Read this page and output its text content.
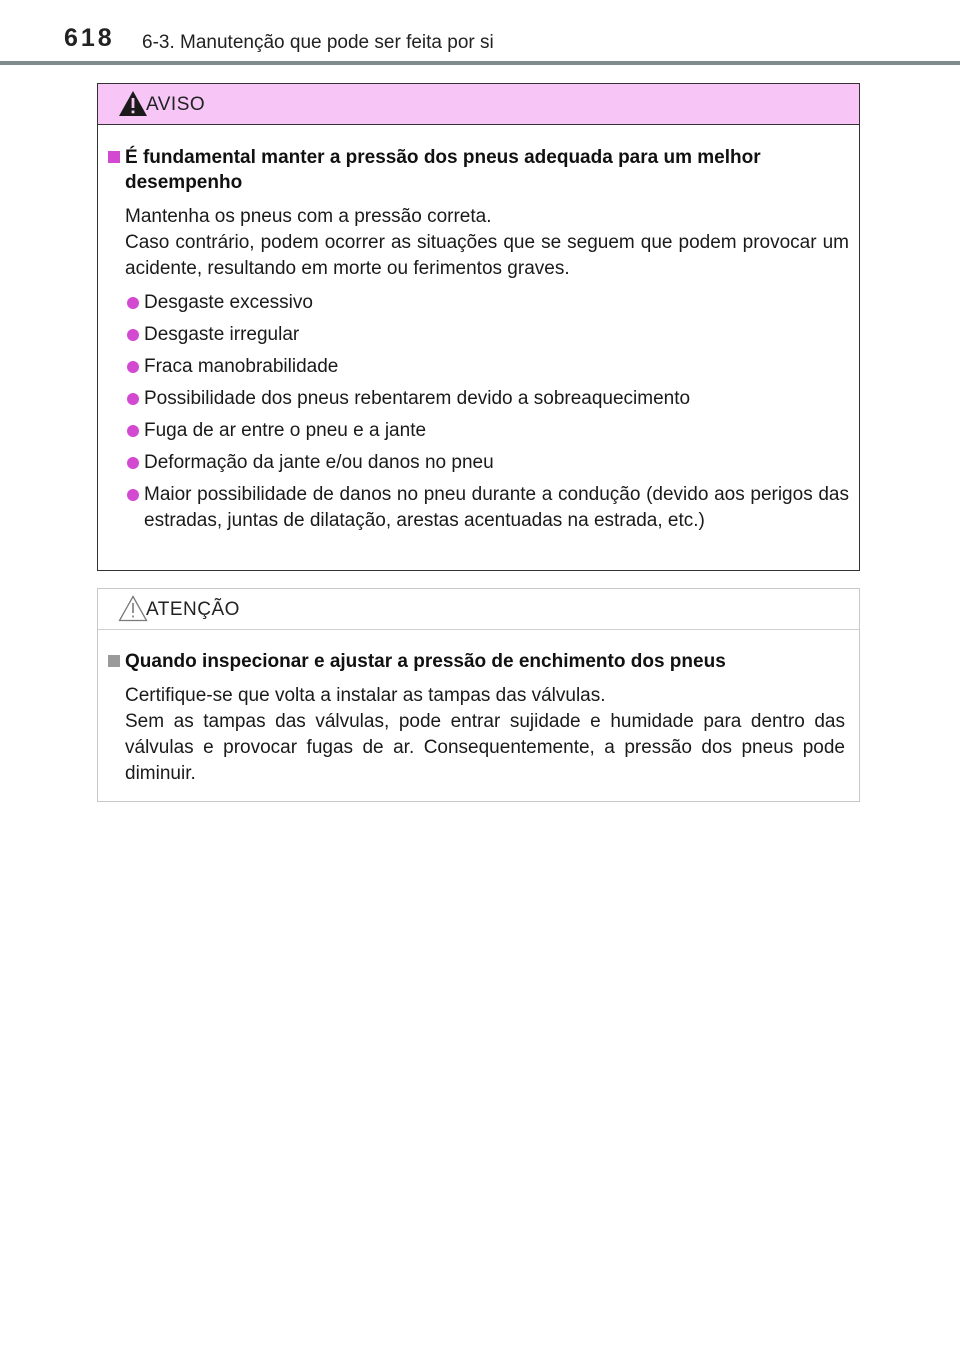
618 6-3. Manutenção que pode ser feita por si
AVISO
É fundamental manter a pressão dos pneus adequada para um melhor desempenho
Mantenha os pneus com a pressão correta.
Caso contrário, podem ocorrer as situações que se seguem que podem provocar um acidente, resultando em morte ou ferimentos graves.
Desgaste excessivo
Desgaste irregular
Fraca manobrabilidade
Possibilidade dos pneus rebentarem devido a sobreaquecimento
Fuga de ar entre o pneu e a jante
Deformação da jante e/ou danos no pneu
Maior possibilidade de danos no pneu durante a condução (devido aos perigos das estradas, juntas de dilatação, arestas acentuadas na estrada, etc.)
ATENÇÃO
Quando inspecionar e ajustar a pressão de enchimento dos pneus
Certifique-se que volta a instalar as tampas das válvulas.
Sem as tampas das válvulas, pode entrar sujidade e humidade para dentro das válvulas e provocar fugas de ar. Consequentemente, a pressão dos pneus pode diminuir.
